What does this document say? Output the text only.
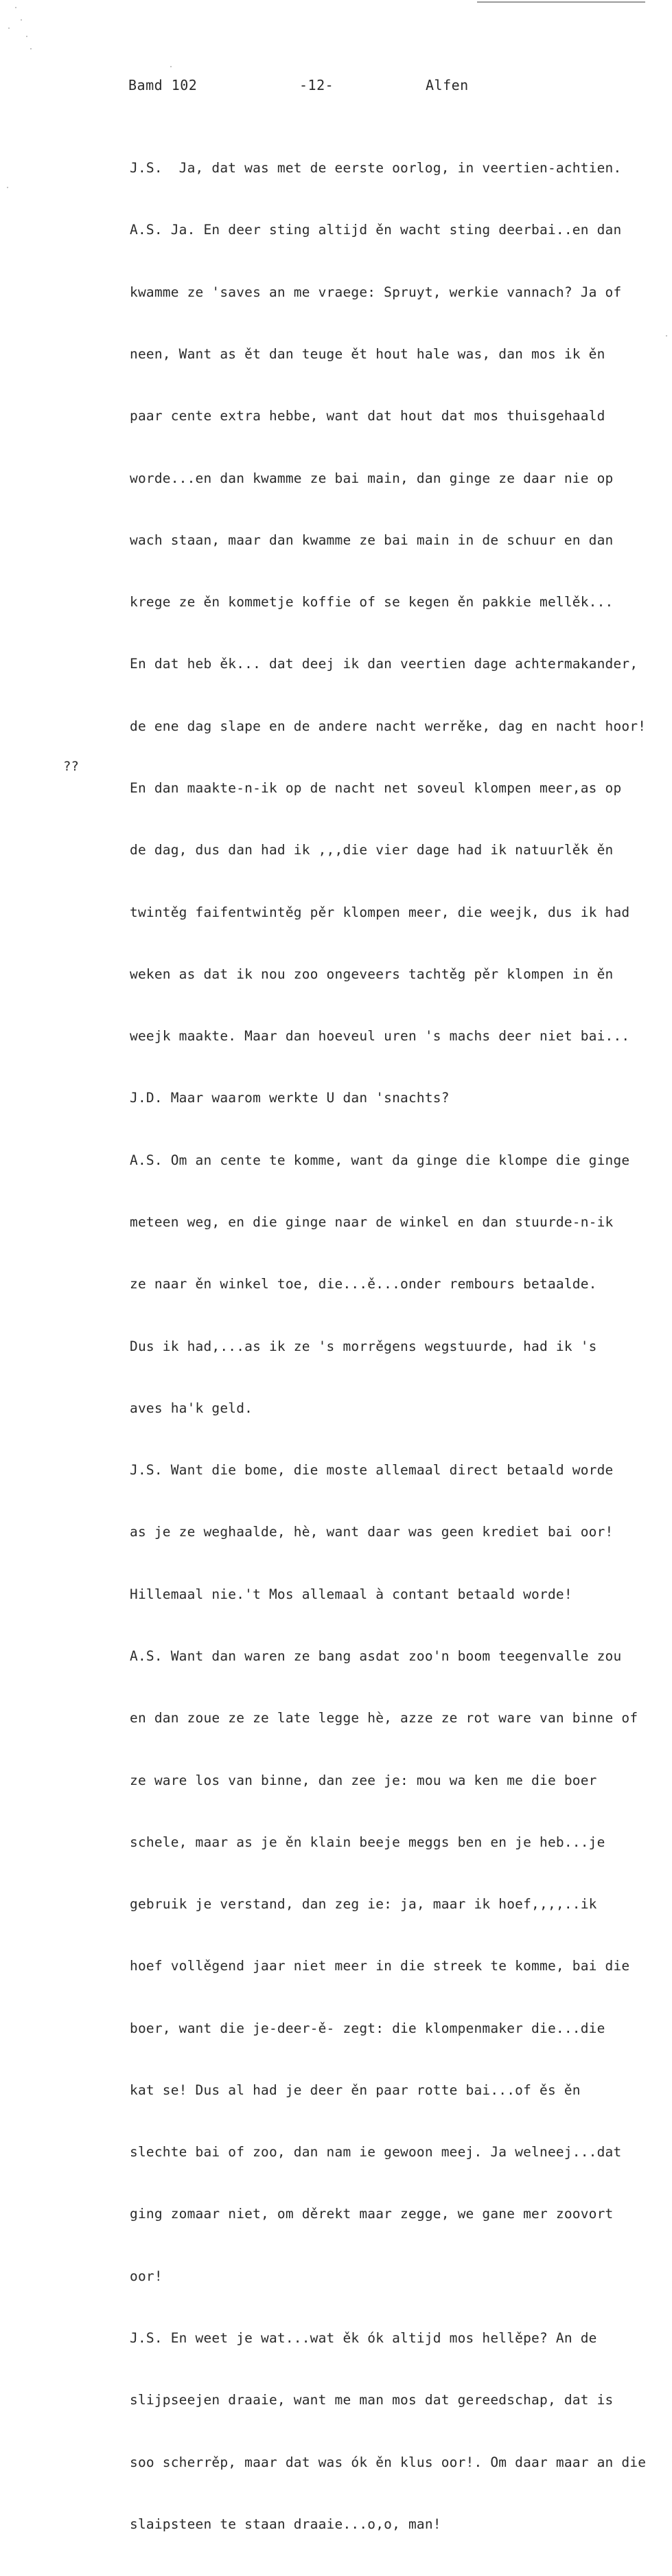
Bamd 102	-12-	Alfen
??

J.S.  Ja, dat was met de eerste oorlog, in veertien-achtien.

A.S. Ja. En deer sting altijd ěn wacht sting deerbai..en dan

kwamme ze 'saves an me vraege: Spruyt, werkie vannach? Ja of

neen, Want as ět dan teuge ět hout hale was, dan mos ik ěn

paar cente extra hebbe, want dat hout dat mos thuisgehaald

worde...en dan kwamme ze bai main, dan ginge ze daar nie op

wach staan, maar dan kwamme ze bai main in de schuur en dan

krege ze ěn kommetje koffie of se kegen ěn pakkie mellěk...

En dat heb ěk... dat deej ik dan veertien dage achtermakander,

de ene dag slape en de andere nacht werrěke, dag en nacht hoor!

En dan maakte-n-ik op de nacht net soveul klompen meer,as op

de dag, dus dan had ik ,,,die vier dage had ik natuurlěk ěn

twintěg faifentwintěg pěr klompen meer, die weejk, dus ik had

weken as dat ik nou zoo ongeveers tachtěg pěr klompen in ěn

weejk maakte. Maar dan hoeveul uren 's machs deer niet bai...

J.D. Maar waarom werkte U dan 'snachts?

A.S. Om an cente te komme, want da ginge die klompe die ginge

meteen weg, en die ginge naar de winkel en dan stuurde-n-ik

ze naar ěn winkel toe, die...ě...onder rembours betaalde.

Dus ik had,...as ik ze 's morrěgens wegstuurde, had ik 's

aves ha'k geld.

J.S. Want die bome, die moste allemaal direct betaald worde

as je ze weghaalde, hè, want daar was geen krediet bai oor!

Hillemaal nie.'t Mos allemaal à contant betaald worde!

A.S. Want dan waren ze bang asdat zoo'n boom teegenvalle zou

en dan zoue ze ze late legge hè, azze ze rot ware van binne of

ze ware los van binne, dan zee je: mou wa ken me die boer

schele, maar as je ěn klain beeje meggs ben en je heb...je

gebruik je verstand, dan zeg ie: ja, maar ik hoef,,,,..ik

hoef vollěgend jaar niet meer in die streek te komme, bai die

boer, want die je-deer-ě- zegt: die klompenmaker die...die

kat se! Dus al had je deer ěn paar rotte bai...of ěs ěn

slechte bai of zoo, dan nam ie gewoon meej. Ja welneej...dat

ging zomaar niet, om děrekt maar zegge, we gane mer zoovort

oor!

J.S. En weet je wat...wat ěk ók altijd mos hellěpe? An de

slijpseejen draaie, want me man mos dat gereedschap, dat is

soo scherrěp, maar dat was ók ěn klus oor!. Om daar maar an die

slaipsteen te staan draaie...o,o, man!
